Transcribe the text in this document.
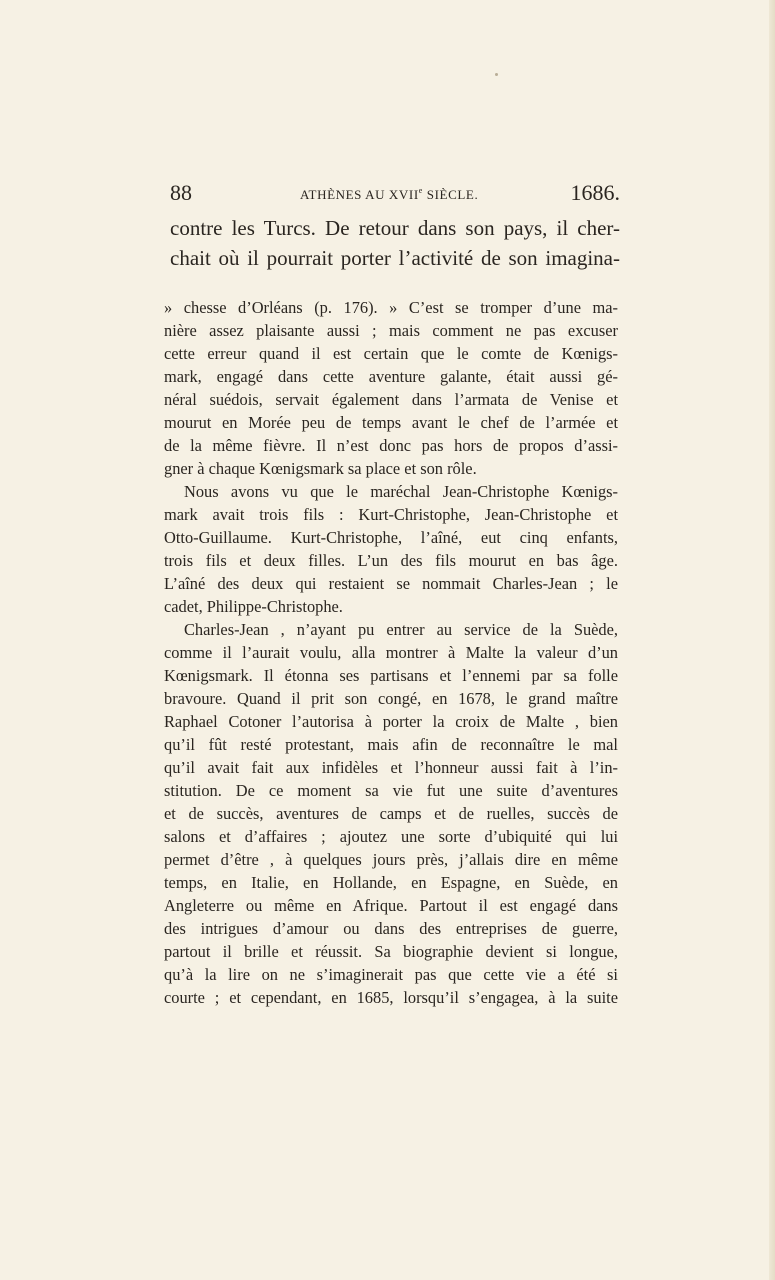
88	ATHÈNES AU XVIIe SIÈCLE.	1686.
contre les Turcs. De retour dans son pays, il cher-
chait où il pourrait porter l’activité de son imagina-
» chesse d’Orléans (p. 176). » C’est se tromper d’une ma-
nière assez plaisante aussi ; mais comment ne pas excuser
cette erreur quand il est certain que le comte de Kœnigs-
mark, engagé dans cette aventure galante, était aussi gé-
néral suédois, servait également dans l’armata de Venise et
mourut en Morée peu de temps avant le chef de l’armée et
de la même fièvre. Il n’est donc pas hors de propos d’assi-
gner à chaque Kœnigsmark sa place et son rôle.
Nous avons vu que le maréchal Jean-Christophe Kœnigs-
mark avait trois fils : Kurt-Christophe, Jean-Christophe et
Otto-Guillaume. Kurt-Christophe, l’aîné, eut cinq enfants,
trois fils et deux filles. L’un des fils mourut en bas âge.
L’aîné des deux qui restaient se nommait Charles-Jean ; le
cadet, Philippe-Christophe.
Charles-Jean , n’ayant pu entrer au service de la Suède,
comme il l’aurait voulu, alla montrer à Malte la valeur d’un
Kœnigsmark. Il étonna ses partisans et l’ennemi par sa folle
bravoure. Quand il prit son congé, en 1678, le grand maître
Raphael Cotoner l’autorisa à porter la croix de Malte , bien
qu’il fût resté protestant, mais afin de reconnaître le mal
qu’il avait fait aux infidèles et l’honneur aussi fait à l’in-
stitution. De ce moment sa vie fut une suite d’aventures
et de succès, aventures de camps et de ruelles, succès de
salons et d’affaires ; ajoutez une sorte d’ubiquité qui lui
permet d’être , à quelques jours près, j’allais dire en même
temps, en Italie, en Hollande, en Espagne, en Suède, en
Angleterre ou même en Afrique. Partout il est engagé dans
des intrigues d’amour ou dans des entreprises de guerre,
partout il brille et réussit. Sa biographie devient si longue,
qu’à la lire on ne s’imaginerait pas que cette vie a été si
courte ; et cependant, en 1685, lorsqu’il s’engagea, à la suite
